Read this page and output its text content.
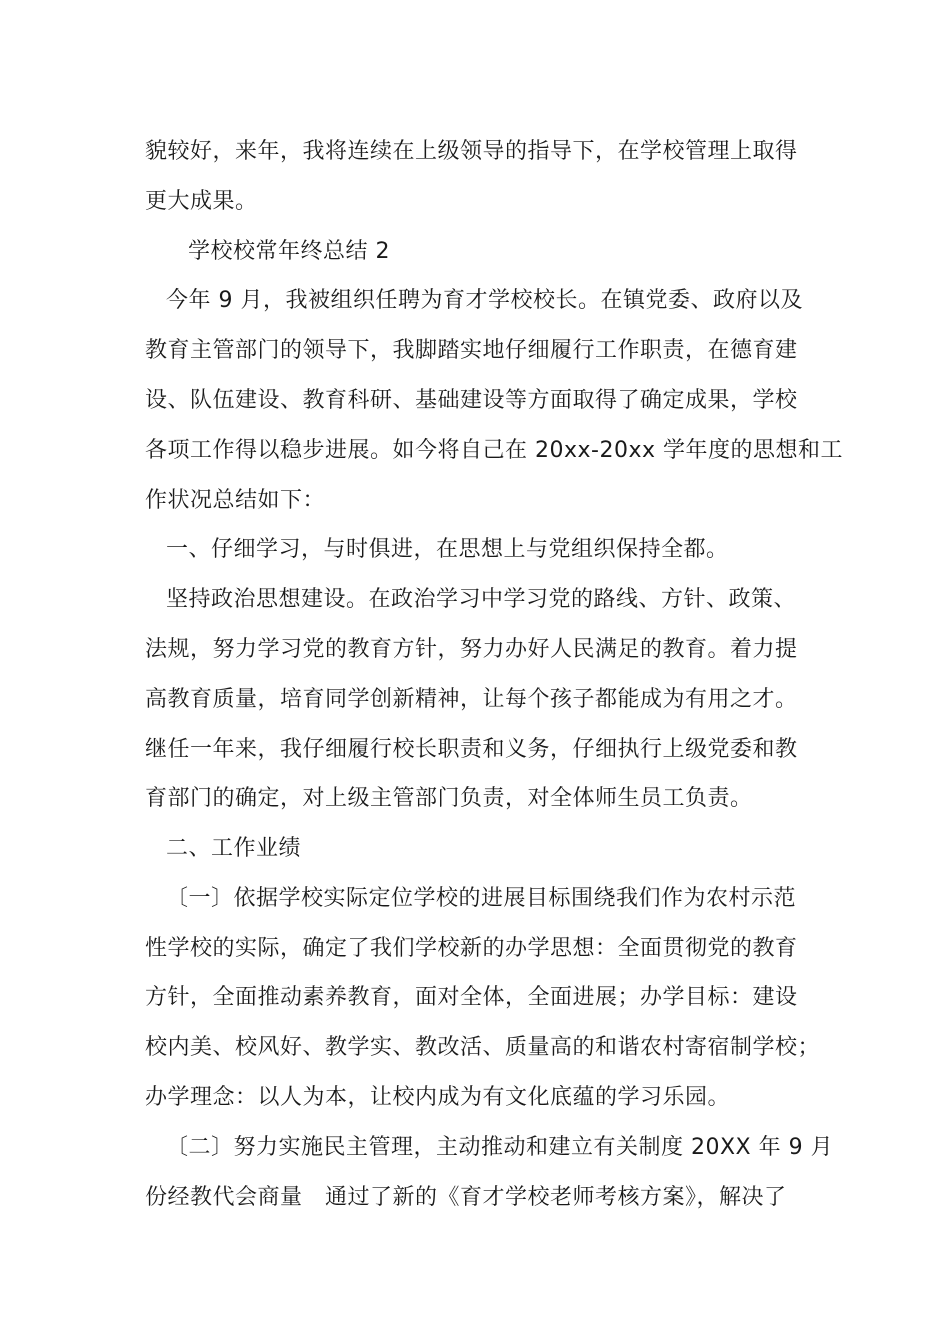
貌较好，来年，我将连续在上级领导的指导下，在学校管理上取得
更大成果。
学校校常年终总结 2
今年 9 月，我被组织任聘为育才学校校长。在镇党委、政府以及
教育主管部门的领导下，我脚踏实地仔细履行工作职责，在德育建
设、队伍建设、教育科研、基础建设等方面取得了确定成果，学校
各项工作得以稳步进展。如今将自己在 20xx-20xx 学年度的思想和工
作状况总结如下：
一、仔细学习，与时俱进，在思想上与党组织保持全都。
坚持政治思想建设。在政治学习中学习党的路线、方针、政策、
法规，努力学习党的教育方针，努力办好人民满足的教育。着力提
高教育质量，培育同学创新精神，让每个孩子都能成为有用之才。
继任一年来，我仔细履行校长职责和义务，仔细执行上级党委和教
育部门的确定，对上级主管部门负责，对全体师生员工负责。
二、工作业绩
〔一〕依据学校实际定位学校的进展目标围绕我们作为农村示范
性学校的实际，确定了我们学校新的办学思想：全面贯彻党的教育
方针，全面推动素养教育，面对全体，全面进展；办学目标：建设
校内美、校风好、教学实、教改活、质量高的和谐农村寄宿制学校；
办学理念：以人为本，让校内成为有文化底蕴的学习乐园。
〔二〕努力实施民主管理，主动推动和建立有关制度 20XX 年 9 月
份经教代会商量　通过了新的《育才学校老师考核方案》，解决了
